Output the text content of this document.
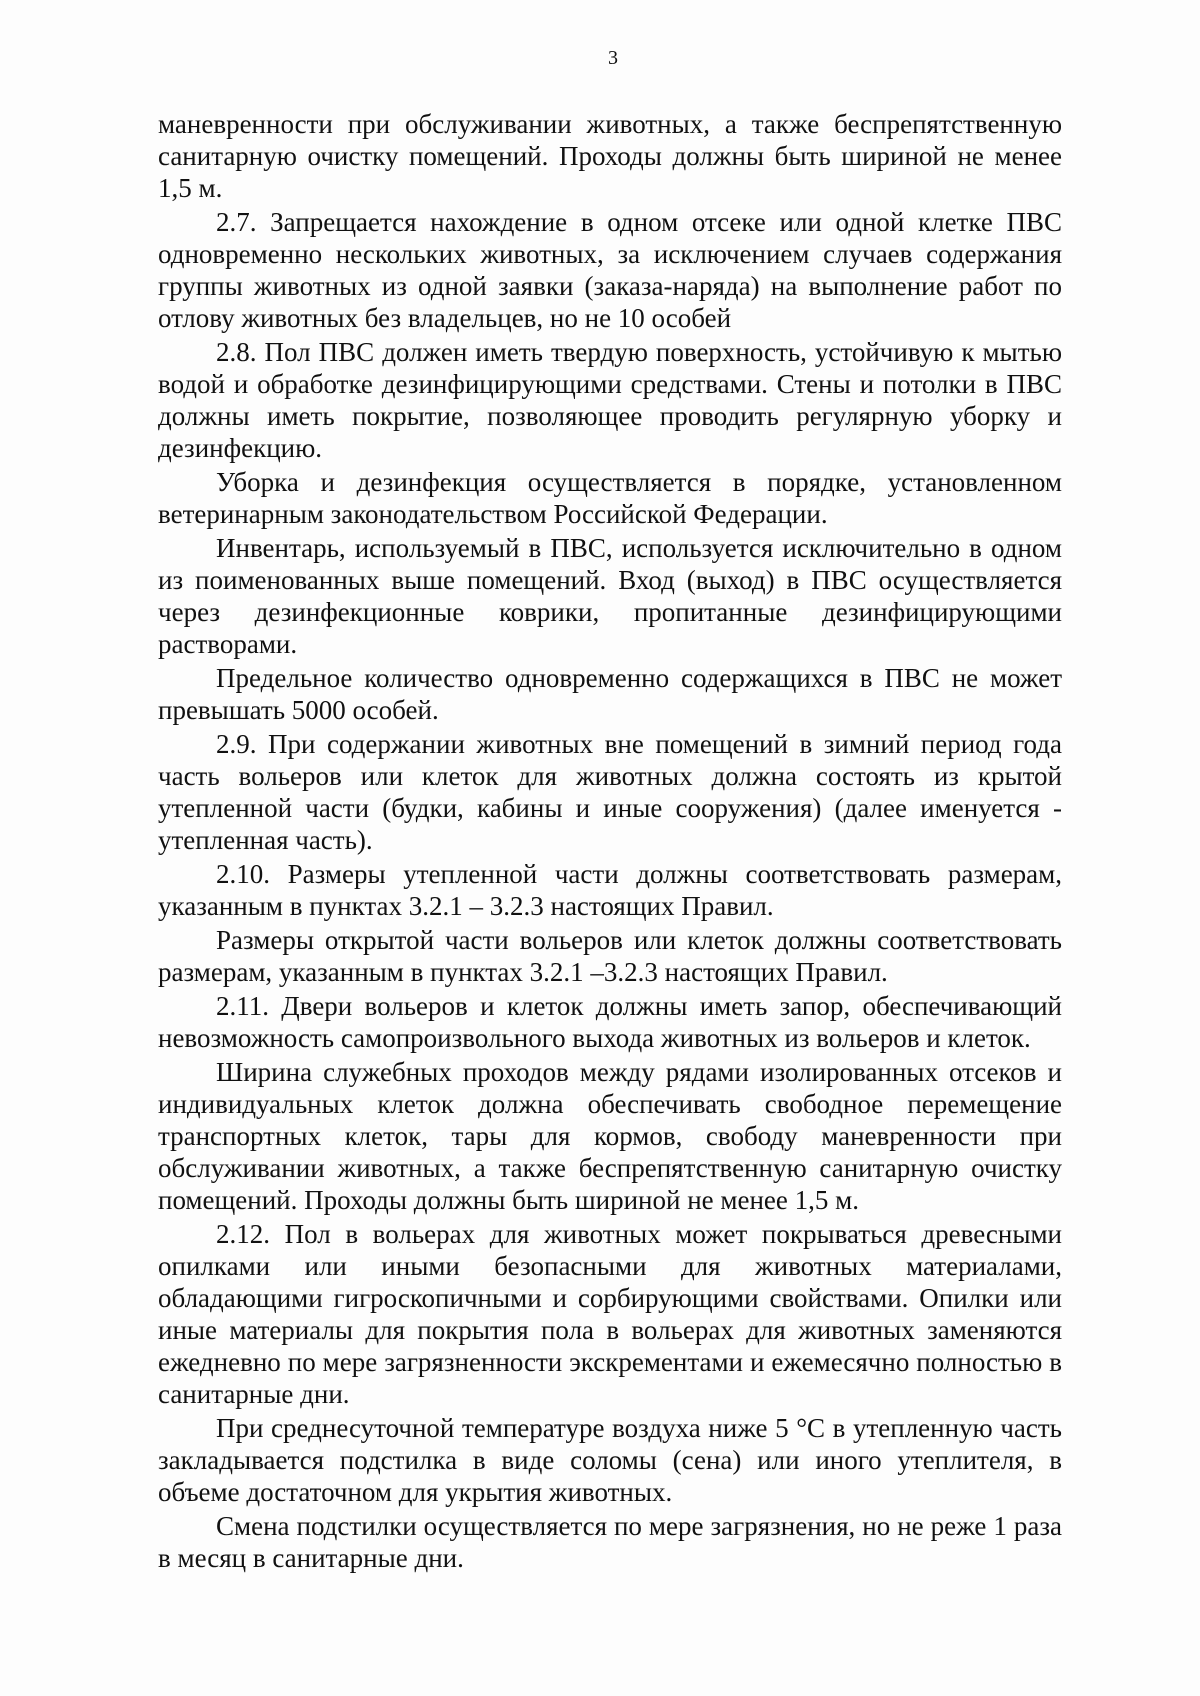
3

маневренности при обслуживании животных, а также беспрепятственную санитарную очистку помещений. Проходы должны быть шириной не менее 1,5 м.

2.7. Запрещается нахождение в одном отсеке или одной клетке ПВС одновременно нескольких животных, за исключением случаев содержания группы животных из одной заявки (заказа-наряда) на выполнение работ по отлову животных без владельцев, но не 10 особей

2.8. Пол ПВС должен иметь твердую поверхность, устойчивую к мытью водой и обработке дезинфицирующими средствами. Стены и потолки в ПВС должны иметь покрытие, позволяющее проводить регулярную уборку и дезинфекцию.

Уборка и дезинфекция осуществляется в порядке, установленном ветеринарным законодательством Российской Федерации.

Инвентарь, используемый в ПВС, используется исключительно в одном из поименованных выше помещений. Вход (выход) в ПВС осуществляется через дезинфекционные коврики, пропитанные дезинфицирующими растворами.

Предельное количество одновременно содержащихся в ПВС не может превышать 5000 особей.

2.9. При содержании животных вне помещений в зимний период года часть вольеров или клеток для животных должна состоять из крытой утепленной части (будки, кабины и иные сооружения) (далее именуется - утепленная часть).

2.10. Размеры утепленной части должны соответствовать размерам, указанным в пунктах 3.2.1 – 3.2.3 настоящих Правил.

Размеры открытой части вольеров или клеток должны соответствовать размерам, указанным в пунктах 3.2.1 –3.2.3 настоящих Правил.

2.11. Двери вольеров и клеток должны иметь запор, обеспечивающий невозможность самопроизвольного выхода животных из вольеров и клеток.

Ширина служебных проходов между рядами изолированных отсеков и индивидуальных клеток должна обеспечивать свободное перемещение транспортных клеток, тары для кормов, свободу маневренности при обслуживании животных, а также беспрепятственную санитарную очистку помещений. Проходы должны быть шириной не менее 1,5 м.

2.12. Пол в вольерах для животных может покрываться древесными опилками или иными безопасными для животных материалами, обладающими гигроскопичными и сорбирующими свойствами. Опилки или иные материалы для покрытия пола в вольерах для животных заменяются ежедневно по мере загрязненности экскрементами и ежемесячно полностью в санитарные дни.

При среднесуточной температуре воздуха ниже 5 °С в утепленную часть закладывается подстилка в виде соломы (сена) или иного утеплителя, в объеме достаточном для укрытия животных.

Смена подстилки осуществляется по мере загрязнения, но не реже 1 раза в месяц в санитарные дни.
